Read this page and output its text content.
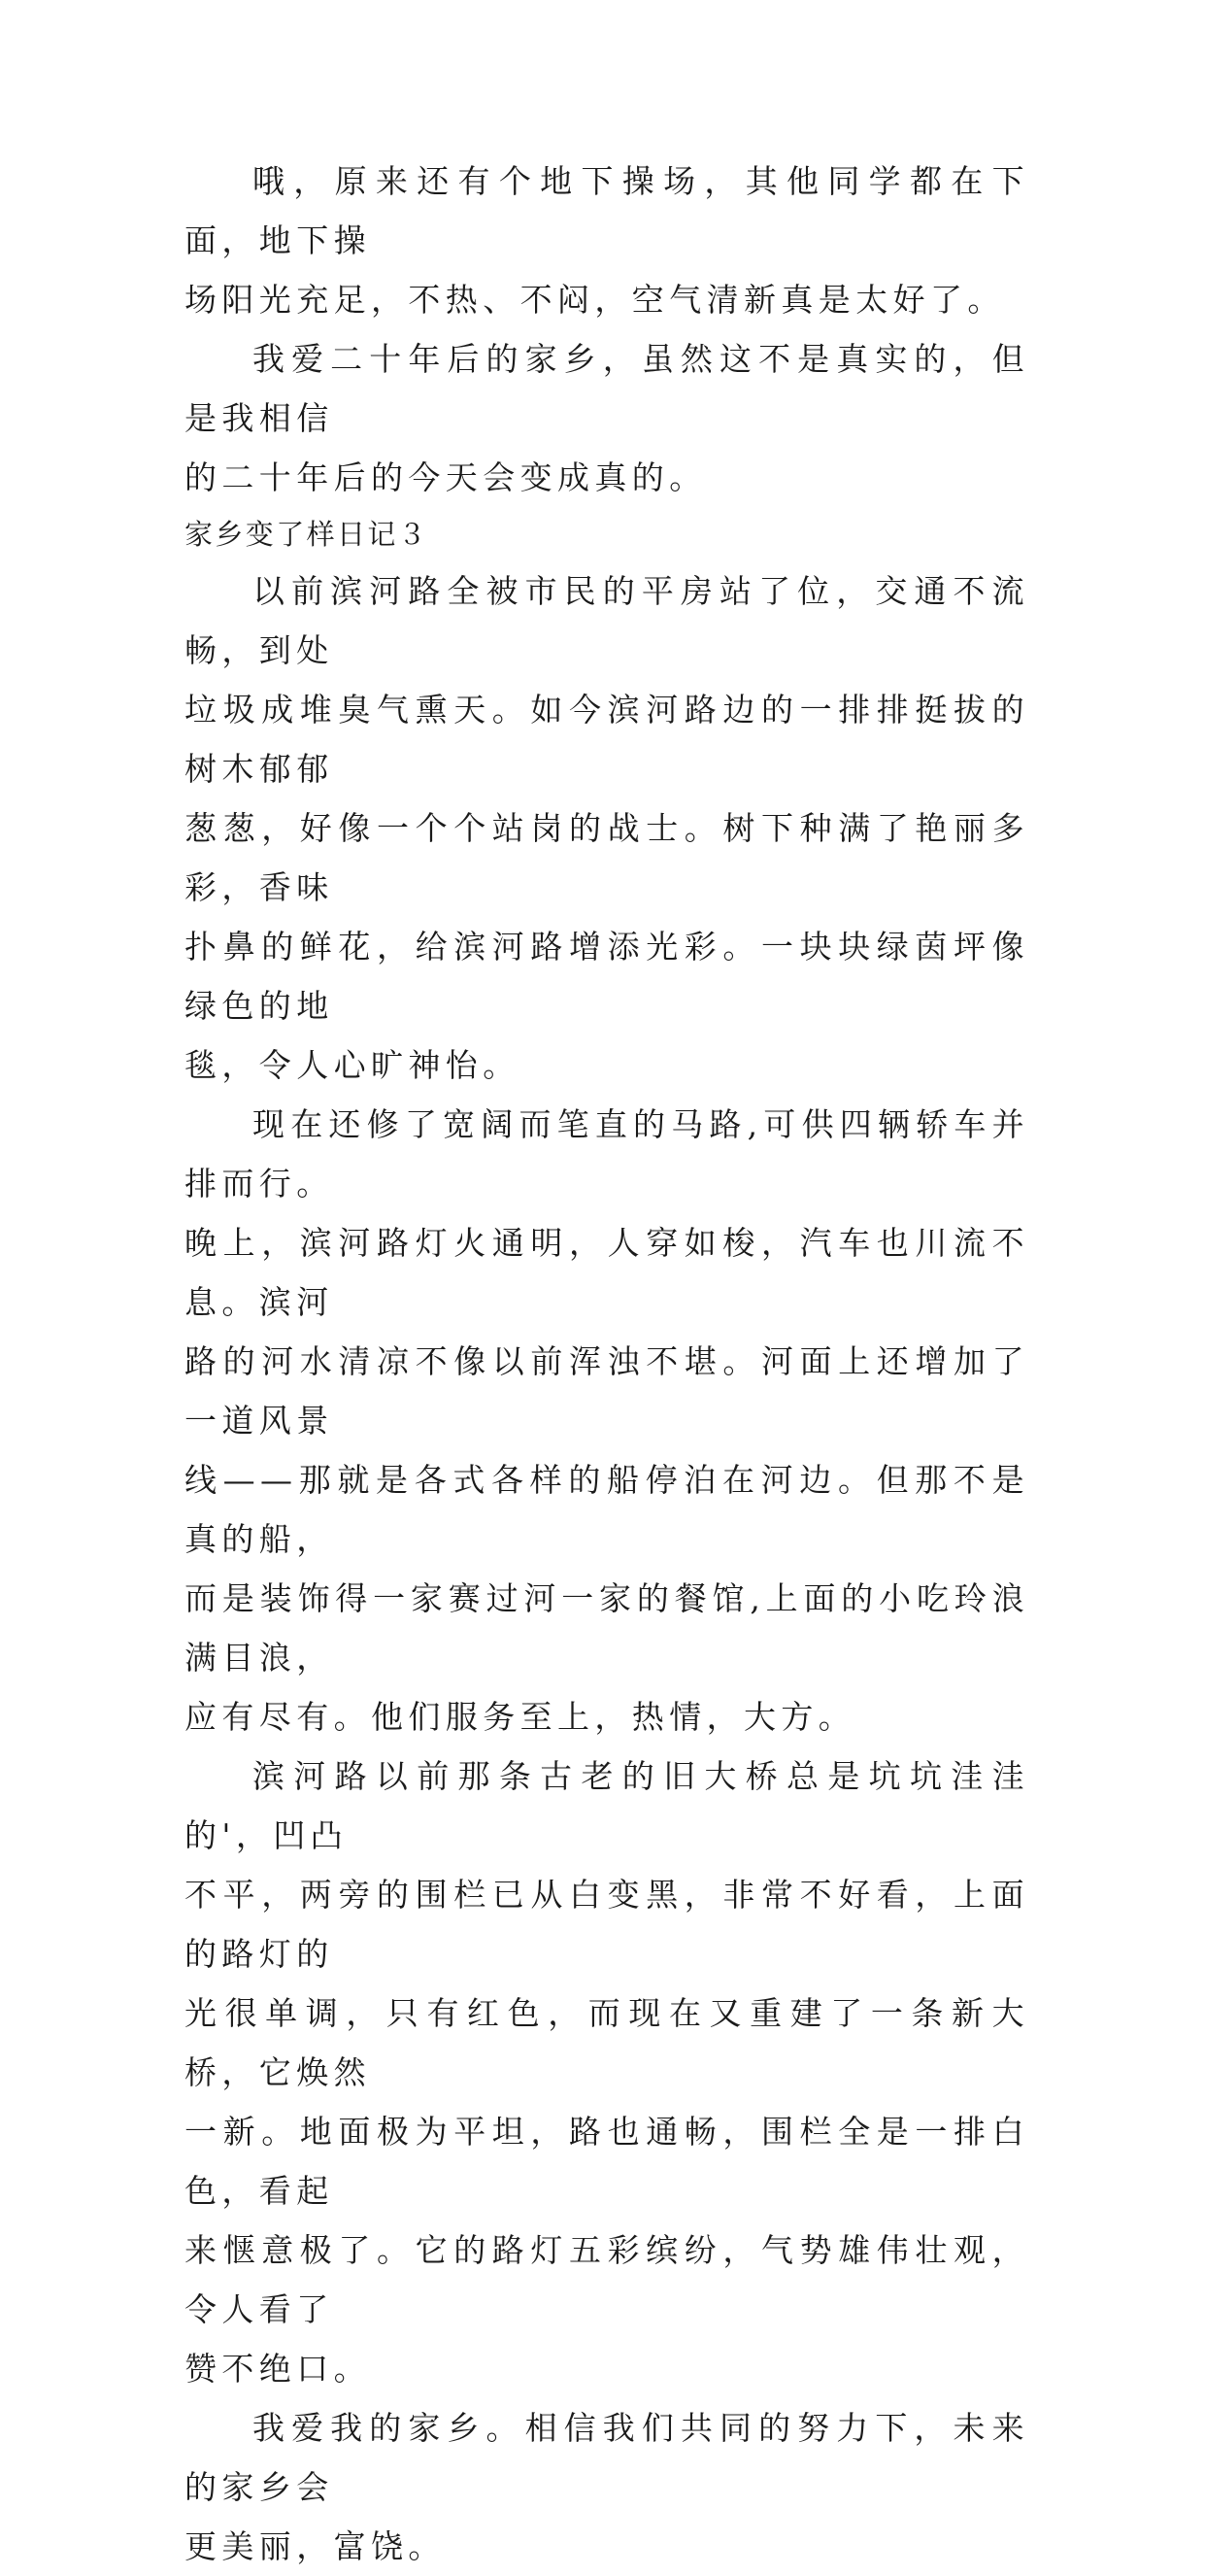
哦，原来还有个地下操场，其他同学都在下面，地下操
场阳光充足，不热、不闷，空气清新真是太好了。

我爱二十年后的家乡，虽然这不是真实的，但是我相信
的二十年后的今天会变成真的。

家乡变了样日记３

以前滨河路全被市民的平房站了位，交通不流畅，到处
垃圾成堆臭气熏天。如今滨河路边的一排排挺拔的树木郁郁
葱葱，好像一个个站岗的战士。树下种满了艳丽多彩，香味
扑鼻的鲜花，给滨河路增添光彩。一块块绿茵坪像绿色的地
毯，令人心旷神怡。

现在还修了宽阔而笔直的马路,可供四辆轿车并排而行。
晚上，滨河路灯火通明，人穿如梭，汽车也川流不息。滨河
路的河水清凉不像以前浑浊不堪。河面上还增加了一道风景
线——那就是各式各样的船停泊在河边。但那不是真的船，
而是装饰得一家赛过河一家的餐馆,上面的小吃玲浪满目浪，
应有尽有。他们服务至上，热情，大方。

滨河路以前那条古老的旧大桥总是坑坑洼洼的'，凹凸
不平，两旁的围栏已从白变黑，非常不好看，上面的路灯的
光很单调，只有红色，而现在又重建了一条新大桥，它焕然
一新。地面极为平坦，路也通畅，围栏全是一排白色，看起
来惬意极了。它的路灯五彩缤纷，气势雄伟壮观，令人看了
赞不绝口。

我爱我的家乡。相信我们共同的努力下，未来的家乡会
更美丽，富饶。
